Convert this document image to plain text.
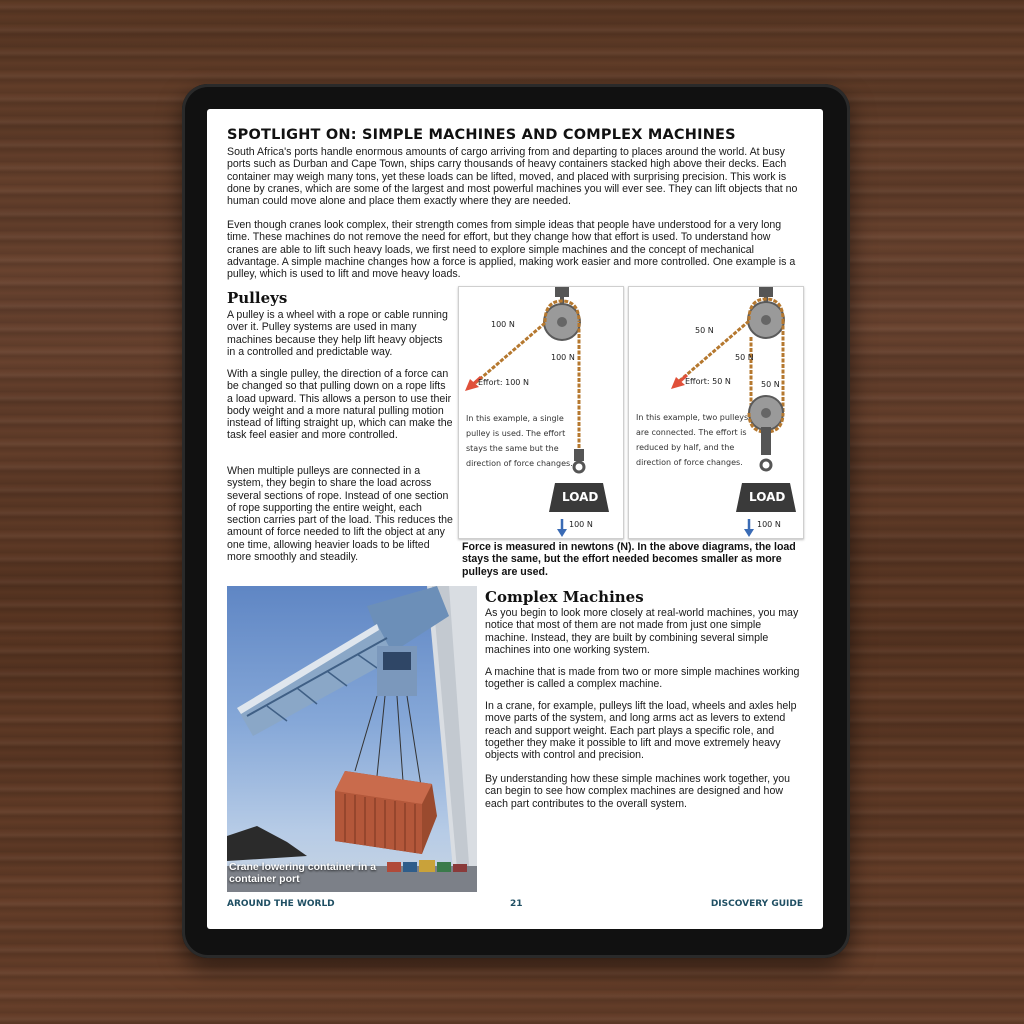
SPOTLIGHT ON: SIMPLE MACHINES AND COMPLEX MACHINES

South Africa's ports handle enormous amounts of cargo arriving from and departing to places around the world. At busy ports such as Durban and Cape Town, ships carry thousands of heavy containers stacked high above their decks. Each container may weigh many tons, yet these loads can be lifted, moved, and placed with surprising precision. This work is done by cranes, which are some of the largest and most powerful machines you will ever see. They can lift objects that no human could move alone and place them exactly where they are needed.

Even though cranes look complex, their strength comes from simple ideas that people have understood for a very long time. These machines do not remove the need for effort, but they change how that effort is used. To understand how cranes are able to lift such heavy loads, we first need to explore simple machines and the concept of mechanical advantage. A simple machine changes how a force is applied, making work easier and more controlled. One example is a pulley, which is used to lift and move heavy loads.

Pulleys

A pulley is a wheel with a rope or cable running over it. Pulley systems are used in many machines because they help lift heavy objects in a controlled and predictable way.

With a single pulley, the direction of a force can be changed so that pulling down on a rope lifts a load upward. This allows a person to use their body weight and a more natural pulling motion instead of lifting straight up, which can make the task feel easier and more controlled.

When multiple pulleys are connected in a system, they begin to share the load across several sections of rope. Instead of one section of rope supporting the entire weight, each section carries part of the load. This reduces the amount of force needed to lift the object at any one time, allowing heavier loads to be lifted more smoothly and steadily.

100 N
100 N
Effort: 100 N
In this example, a single pulley is used. The effort stays the same but the direction of force changes.
LOAD
100 N
50 N
50 N
50 N
Effort: 50 N
In this example, two pulleys are connected. The effort is reduced by half, and the direction of force changes.
LOAD
100 N

Force is measured in newtons (N). In the above diagrams, the load stays the same, but the effort needed becomes smaller as more pulleys are used.

Crane lowering container in a container port
Complex Machines

As you begin to look more closely at real-world machines, you may notice that most of them are not made from just one simple machine. Instead, they are built by combining several simple machines into one working system.

A machine that is made from two or more simple machines working together is called a complex machine.

In a crane, for example, pulleys lift the load, wheels and axles help move parts of the system, and long arms act as levers to extend reach and support weight. Each part plays a specific role, and together they make it possible to lift and move extremely heavy objects with control and precision.

By understanding how these simple machines work together, you can begin to see how complex machines are designed and how each part contributes to the overall system.

AROUND THE WORLD	21	DISCOVERY GUIDE
